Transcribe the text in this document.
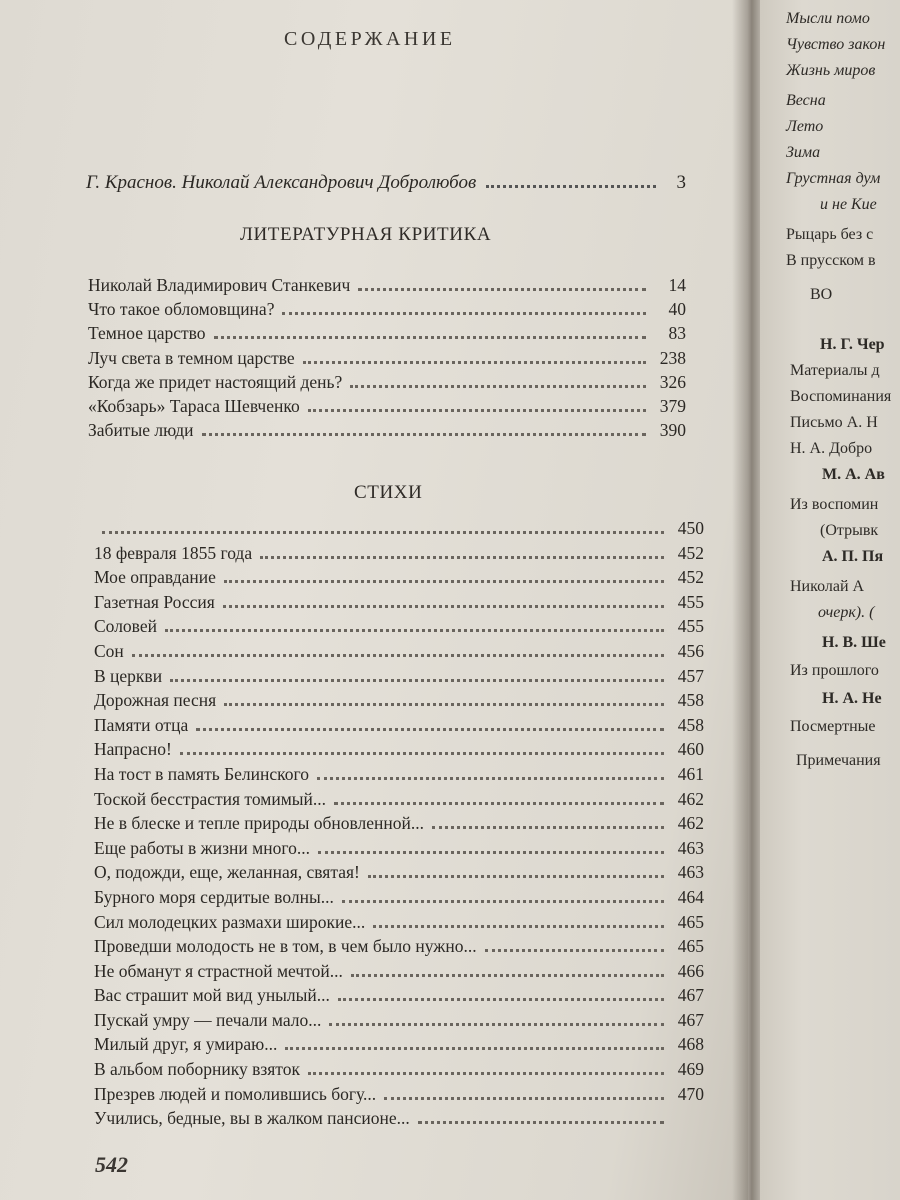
СОДЕРЖАНИЕ
Г. Краснов. Николай Александрович Добролюбов	3
ЛИТЕРАТУРНАЯ КРИТИКА
Николай Владимирович Станкевич	14
Что такое обломовщина?	40
Темное царство	83
Луч света в темном царстве	238
Когда же придет настоящий день?	326
«Кобзарь» Тараса Шевченко	379
Забитые люди	390
СТИХИ
450
18 февраля 1855 года	452
Мое оправдание	452
Газетная Россия	455
Соловей	455
Сон	456
В церкви	457
Дорожная песня	458
Памяти отца	458
Напрасно!	460
На тост в память Белинского	461
Тоской бесстрастия томимый...	462
Не в блеске и тепле природы обновленной...	462
Еще работы в жизни много...	463
О, подожди, еще, желанная, святая!	463
Бурного моря сердитые волны...	464
Сил молодецких размахи широкие...	465
Проведши молодость не в том, в чем было нужно...	465
Не обманут я страстной мечтой...	466
Вас страшит мой вид унылый...	467
Пускай умру — печали мало...	467
Милый друг, я умираю...	468
В альбом поборнику взяток	469
Презрев людей и помолившись богу...	470
Учились, бедные, вы в жалком пансионе...
542
Мысли помо
Чувство закон
Жизнь миров
Весна
Лето
Зима
Грустная дум
и не Кие
Рыцарь без с
В прусском в
ВО
Н. Г. Чер
Материалы д
Воспоминания
Письмо А. Н
Н. А. Добро
М. А. Ав
Из воспомин
(Отрывк
А. П. Пя
Николай А
очерк). (
Н. В. Ше
Из прошлого
Н. А. Не
Посмертные
Примечания
